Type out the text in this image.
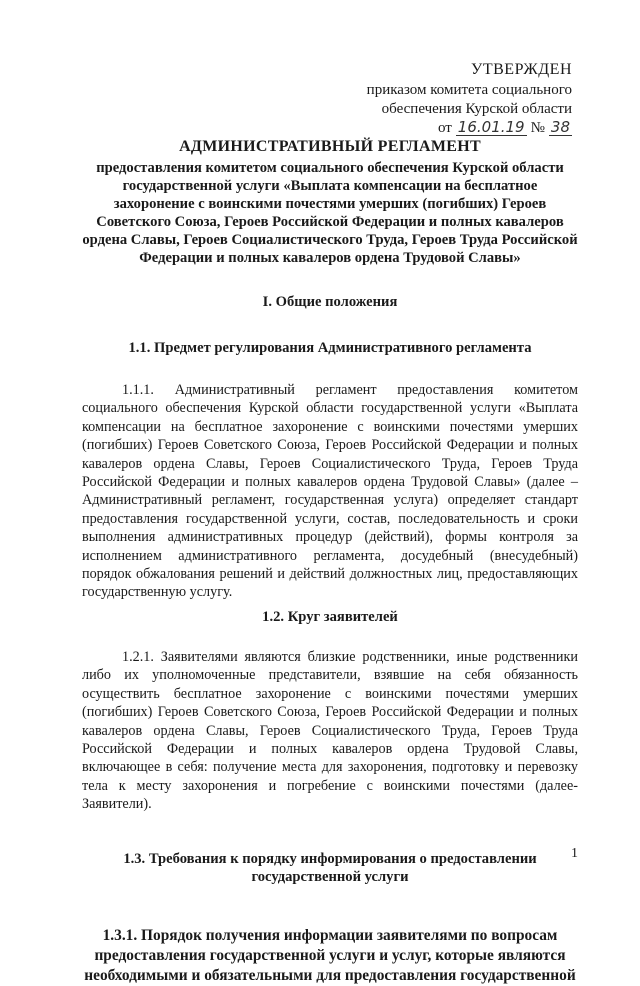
УТВЕРЖДЕН
приказом комитета социального
обеспечения Курской области
от 16.01.19 № 38

АДМИНИСТРАТИВНЫЙ РЕГЛАМЕНТ

предоставления комитетом социального обеспечения Курской области государственной услуги «Выплата компенсации на бесплатное захоронение с воинскими почестями умерших (погибших) Героев Советского Союза, Героев Российской Федерации и полных кавалеров ордена Славы, Героев Социалистического Труда, Героев Труда Российской Федерации и полных кавалеров ордена Трудовой Славы»

I. Общие положения

1.1. Предмет регулирования Административного регламента

1.1.1. Административный регламент предоставления комитетом социального обеспечения Курской области государственной услуги «Выплата компенсации на бесплатное захоронение с воинскими почестями умерших (погибших) Героев Советского Союза, Героев Российской Федерации и полных кавалеров ордена Славы, Героев Социалистического Труда, Героев Труда Российской Федерации и полных кавалеров ордена Трудовой Славы» (далее – Административный регламент, государственная услуга) определяет стандарт предоставления государственной услуги, состав, последовательность и сроки выполнения административных процедур (действий), формы контроля за исполнением административного регламента, досудебный (внесудебный) порядок обжалования решений и действий должностных лиц, предоставляющих государственную услугу.

1.2. Круг заявителей

1.2.1. Заявителями являются близкие родственники, иные родственники либо их уполномоченные представители, взявшие на себя обязанность осуществить бесплатное захоронение с воинскими почестями умерших (погибших) Героев Советского Союза, Героев Российской Федерации и полных кавалеров ордена Славы, Героев Социалистического Труда, Героев Труда Российской Федерации и полных кавалеров ордена Трудовой Славы, включающее в себя: получение места для захоронения, подготовку и перевозку тела к месту захоронения и погребение с воинскими почестями (далее- Заявители).

1.3. Требования к порядку информирования о предоставлении государственной услуги

1.3.1. Порядок получения информации заявителями по вопросам предоставления государственной услуги и услуг, которые являются необходимыми и обязательными для предоставления государственной

1
